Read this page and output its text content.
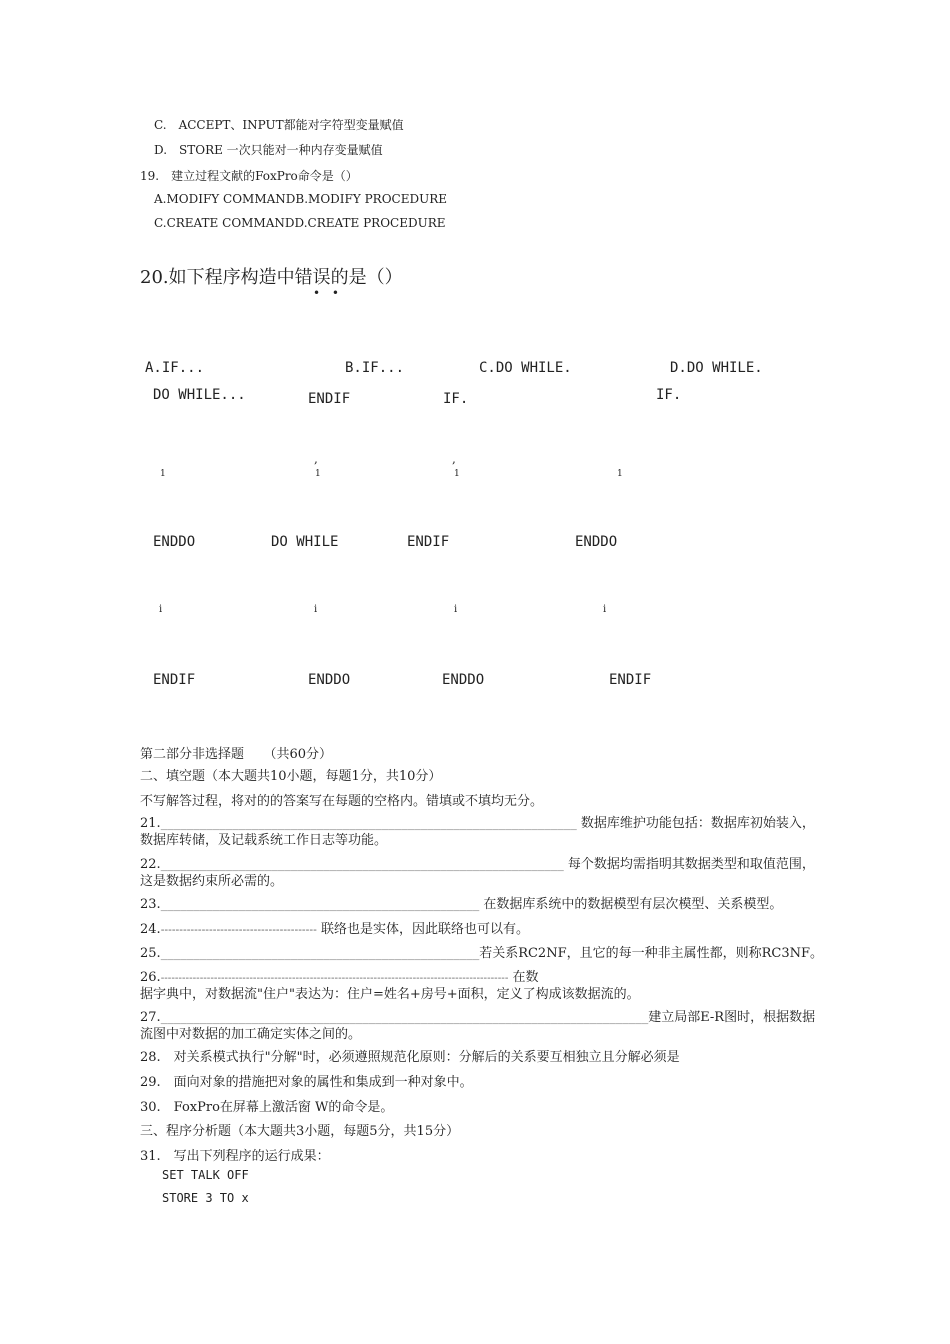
C.　ACCEPT、INPUT都能对字符型变量赋值
D.　STORE 一次只能对一种内存变量赋值
19.　建立过程文献的FoxPro命令是（）
A.MODIFY COMMANDB.MODIFY PROCEDURE
C.CREATE COMMANDD.CREATE PROCEDURE
20.如下程序构造中错误的是（）
• •
A.IF...	B.IF...	C.DO WHILE.	D.DO WHILE.
DO WHILE...	ENDIF	IF.	IF.
,	,
1	1	1	1
ENDDO	DO WHILE	ENDIF	ENDDO
i	i	i	i
ENDIF	ENDDO	ENDDO	ENDIF
第二部分非选择题　　（共60分）
二、填空题（本大题共10小题，每题1分，共10分）
不写解答过程，将对的的答案写在每题的空格内。错填或不填均无分。
21.________________________________________________________________ 数据库维护功能包括：数据库初始装入，
数据库转储，及记载系统工作日志等功能。
22.______________________________________________________________ 每个数据均需指明其数据类型和取值范围，
这是数据约束所必需的。
23._________________________________________________ 在数据库系统中的数据模型有层次模型、关系模型。
24.------------------------------------------ 联络也是实体，因此联络也可以有。
25._________________________________________________若关系RC2NF，且它的每一种非主属性都，则称RC3NF。
26.-------------------------------------------------------------------------------------------------- 在数
据字典中，对数据流"住户"表达为：住户=姓名+房号+面积，定义了构成该数据流的。
27.___________________________________________________________________________建立局部E-R图时，根据数据
流图中对数据的加工确定实体之间的。
28.　对关系模式执行"分解"时，必须遵照规范化原则：分解后的关系要互相独立且分解必须是
29.　面向对象的措施把对象的属性和集成到一种对象中。
30.　FoxPro在屏幕上激活窗 W的命令是。
三、程序分析题（本大题共3小题，每题5分，共15分）
31.　写出下列程序的运行成果：
SET TALK OFF
STORE 3 TO x
